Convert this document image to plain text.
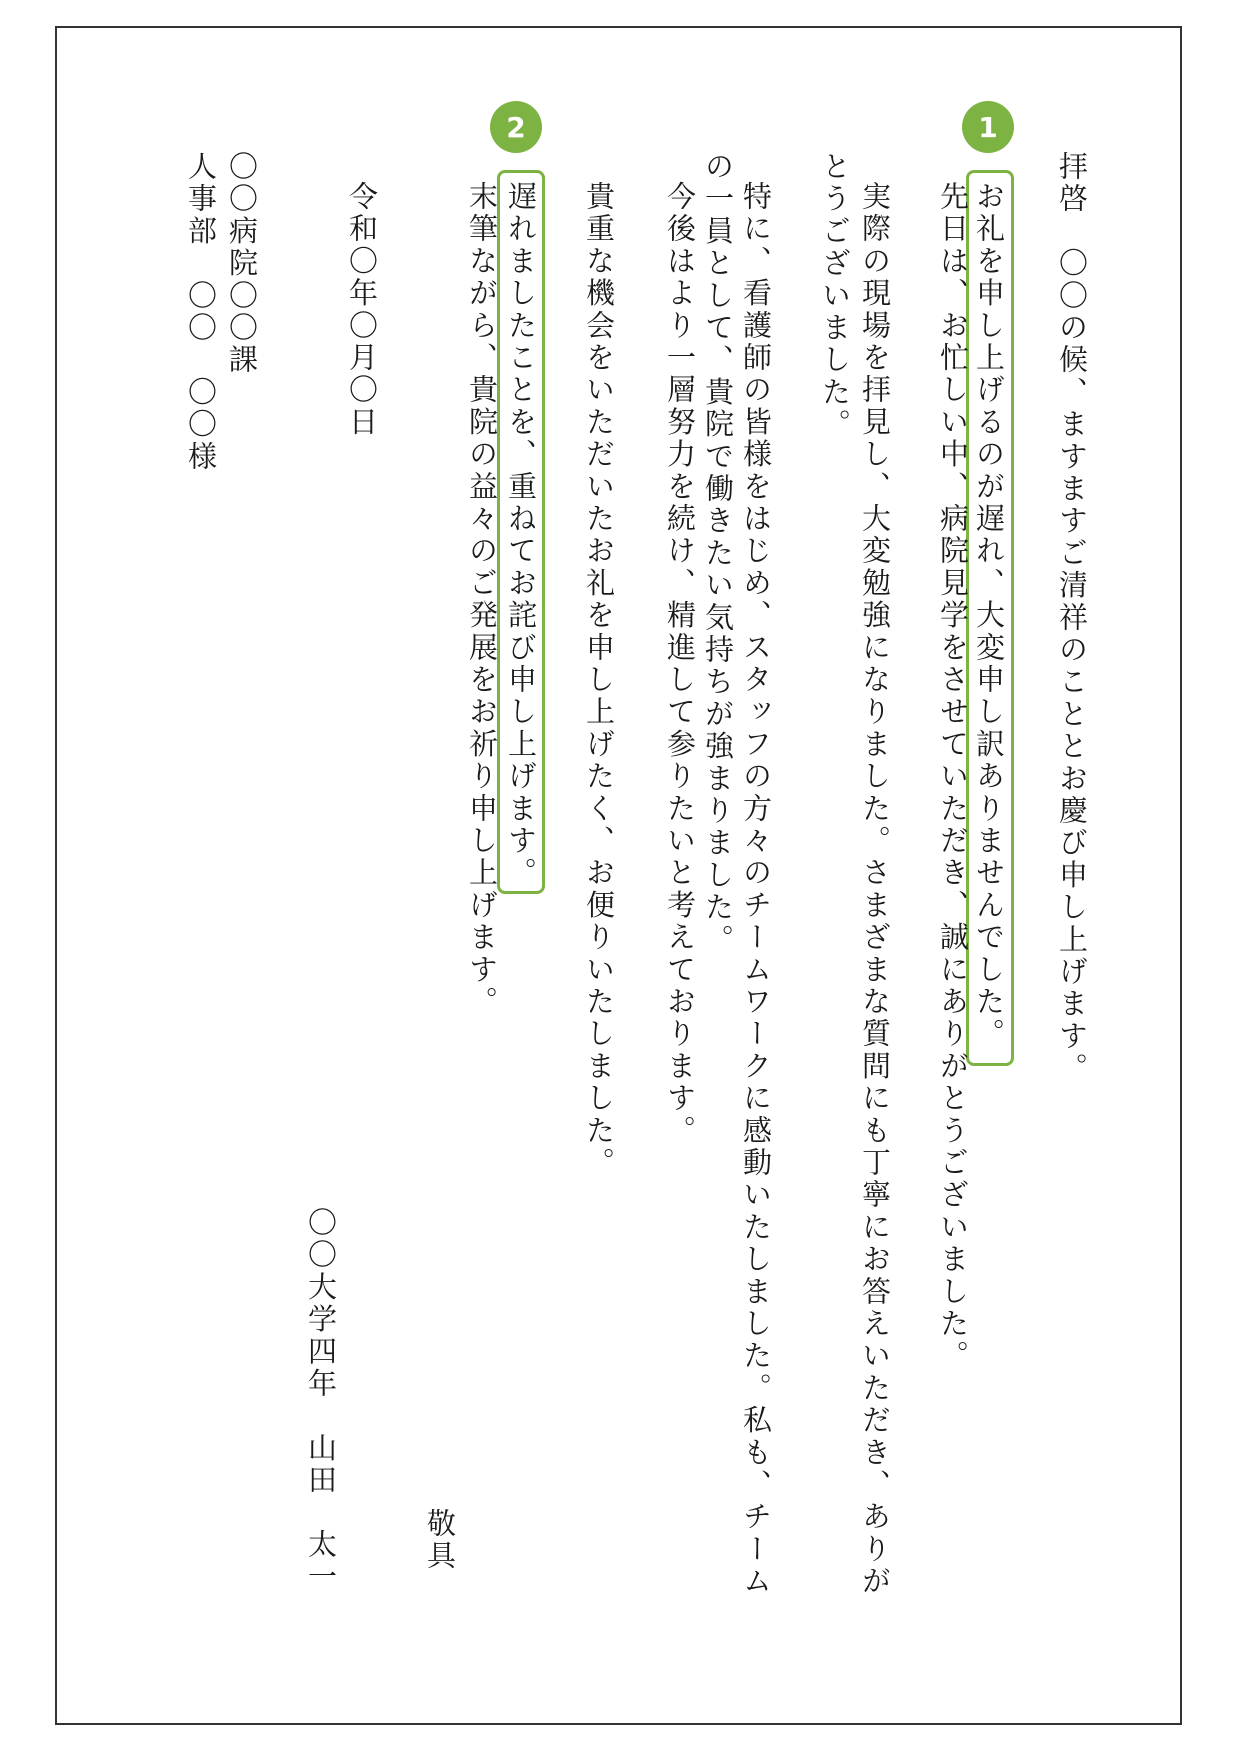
1
2
拝啓　〇〇の候、ますますご清祥のこととお慶び申し上げます。
お礼を申し上げるのが遅れ、大変申し訳ありませんでした。
先日は、お忙しい中、病院見学をさせていただき、誠にありがとうございました。
実際の現場を拝見し、大変勉強になりました。さまざまな質問にも丁寧にお答えいただき、ありが
とうございました。
特に、看護師の皆様をはじめ、スタッフの方々のチームワークに感動いたしました。私も、チーム
の一員として、貴院で働きたい気持ちが強まりました。
今後はより一層努力を続け、精進して参りたいと考えております。
貴重な機会をいただいたお礼を申し上げたく、お便りいたしました。
遅れましたことを、重ねてお詫び申し上げます。
末筆ながら、貴院の益々のご発展をお祈り申し上げます。
敬具
令和〇年〇月〇日
〇〇大学四年　山田　太一
〇〇病院〇〇課
人事部　〇〇　〇〇様
